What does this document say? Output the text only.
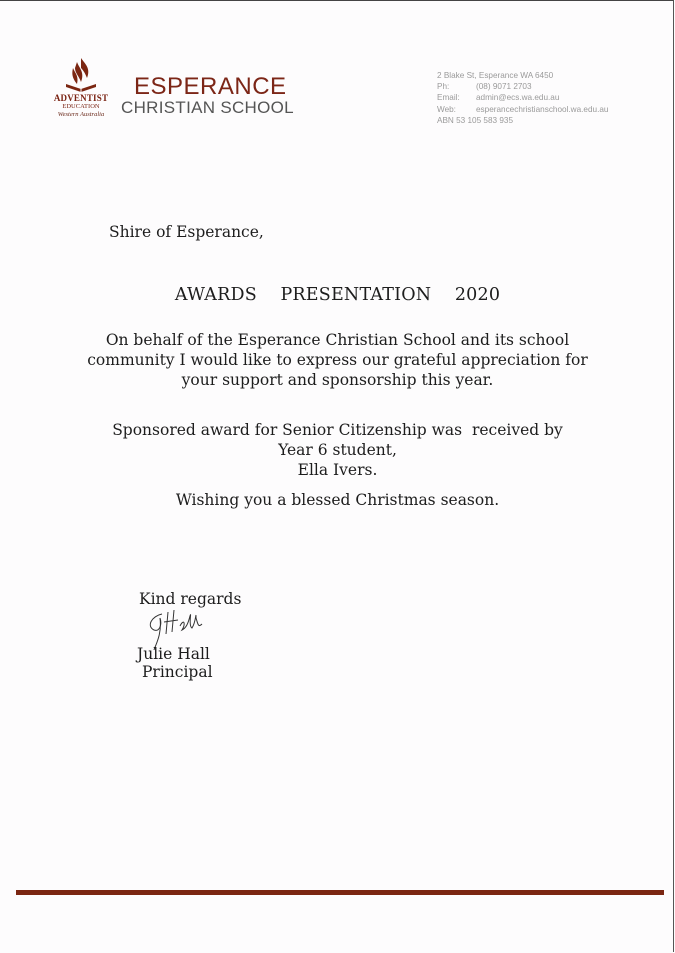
ADVENTIST
EDUCATION
Western Australia
ESPERANCE
CHRISTIAN SCHOOL
2 Blake St, Esperance WA 6450
Ph:	(08) 9071 2703
Email: admin@ecs.wa.edu.au
Web: esperancechristianschool.wa.edu.au
ABN 53 105 583 935
Shire of Esperance,
AWARDS  PRESENTATION  2020
On behalf of the Esperance Christian School and its school
community I would like to express our grateful appreciation for
your support and sponsorship this year.
Sponsored award for Senior Citizenship was  received by
Year 6 student,
Ella Ivers.
Wishing you a blessed Christmas season.
Kind regards
Julie Hall
Principal
